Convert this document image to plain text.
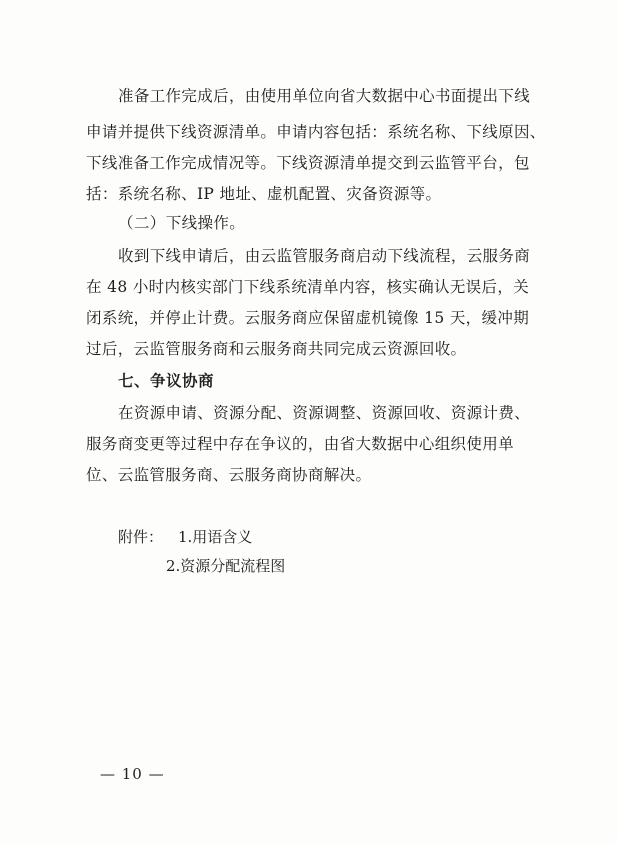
准备工作完成后，由使用单位向省大数据中心书面提出下线
申请并提供下线资源清单。申请内容包括：系统名称、下线原因、
下线准备工作完成情况等。下线资源清单提交到云监管平台，包
括：系统名称、IP 地址、虚机配置、灾备资源等。
（二）下线操作。
收到下线申请后，由云监管服务商启动下线流程，云服务商
在 48 小时内核实部门下线系统清单内容，核实确认无误后，关
闭系统，并停止计费。云服务商应保留虚机镜像 15 天，缓冲期
过后，云监管服务商和云服务商共同完成云资源回收。
七、争议协商
在资源申请、资源分配、资源调整、资源回收、资源计费、
服务商变更等过程中存在争议的，由省大数据中心组织使用单
位、云监管服务商、云服务商协商解决。
附件： 1.用语含义
2.资源分配流程图
— 10 —
